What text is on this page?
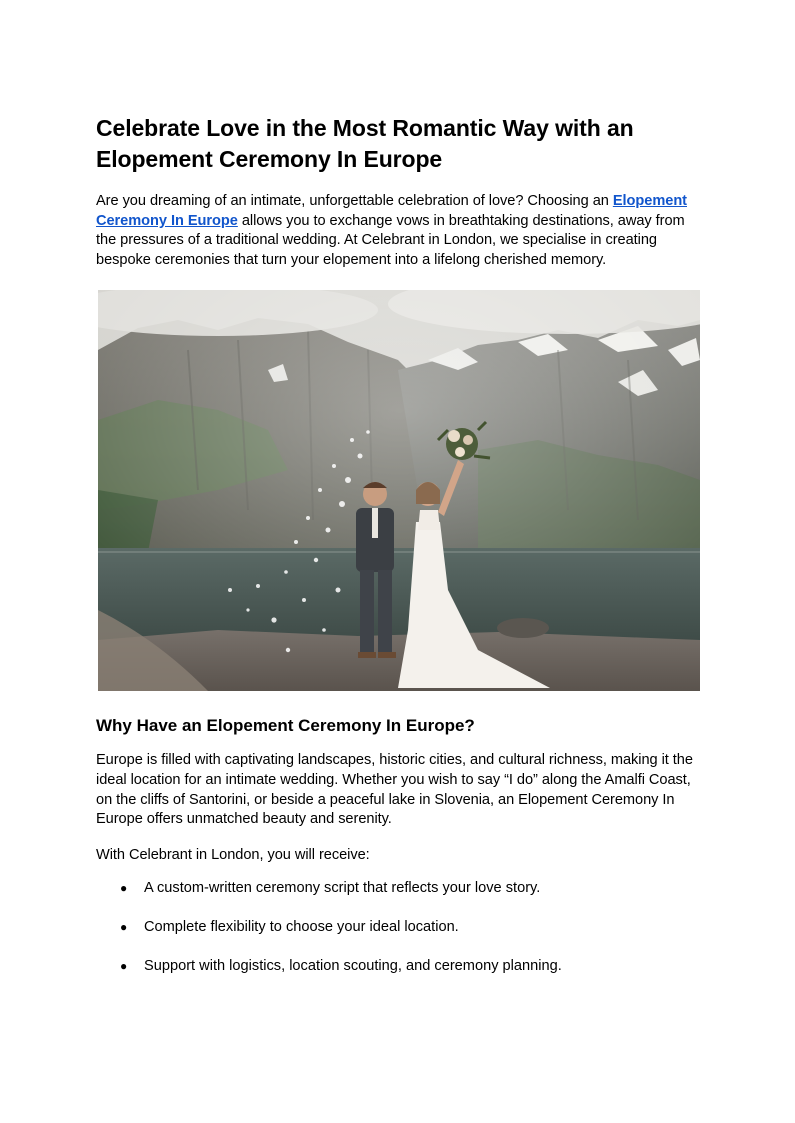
Celebrate Love in the Most Romantic Way with an Elopement Ceremony In Europe

Are you dreaming of an intimate, unforgettable celebration of love? Choosing an Elopement Ceremony In Europe allows you to exchange vows in breathtaking destinations, away from the pressures of a traditional wedding. At Celebrant in London, we specialise in creating bespoke ceremonies that turn your elopement into a lifelong cherished memory.

Why Have an Elopement Ceremony In Europe?

Europe is filled with captivating landscapes, historic cities, and cultural richness, making it the ideal location for an intimate wedding. Whether you wish to say “I do” along the Amalfi Coast, on the cliffs of Santorini, or beside a peaceful lake in Slovenia, an Elopement Ceremony In Europe offers unmatched beauty and serenity.

With Celebrant in London, you will receive:

● A custom-written ceremony script that reflects your love story.
● Complete flexibility to choose your ideal location.
● Support with logistics, location scouting, and ceremony planning.
